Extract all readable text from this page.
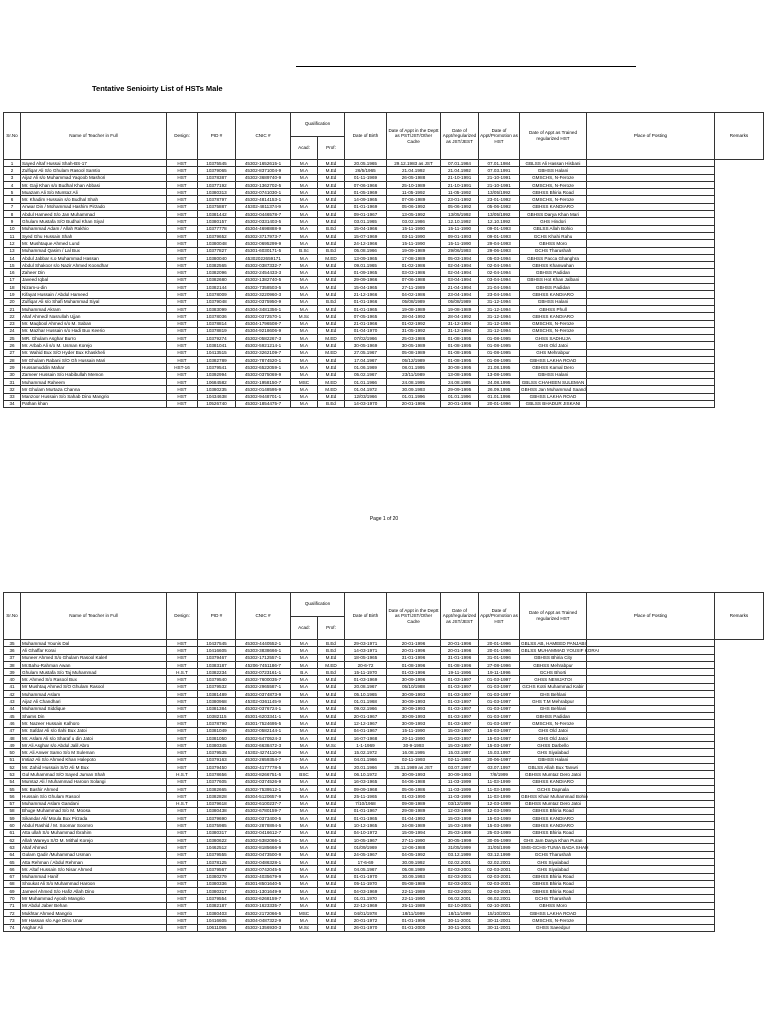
Tentative Senioirty List of HSTs Male
Sr.No	Name of Teacher in Full	Design:	PID #	CNIC #	Qualification		Date of Birth	Date of Appt in the Deptt as PST/JST/Other Cadre	Date of Appt/regularized as JST/JEST	Date of Appt/Promotion as HST	Date of Appt as Trained regularized HST	Place of Posting	Remarks
					Acad:	Prof:							
1	Sayed Altaf Hussai Shah-BS-17	HST	10375545	45302-1652615-1	M.A	M.Ed	20.05.1965	29.12.1983 as JST	07.01.1984	07.01.1984	GBLSS Ali Hassan Hisbani		
2	Zulfiqar Ali S/o Ghulam Rasool Samtio	HST	10379065	45302-8371004-9	M.A	M.Ed	26/5/1965	21.04.1992	21.04.1992	07.03.1991	GBHSS Halani		
3	Aijaz Ali s/o Muhammad Yaqoob Mashori	HST	10378387	45302-3689740-9	M.A	M.Ed	01-11-1969	26-05-1988	21-10-1991	21-10-1991	GMSCHS, N-Feroze		
4	Mr. Gaji Khan s/o Budhal Khan Abbasi	HST	10377192	45302-1362702-5	M.A	M.Ed	07-06-1966	25-10-1989	21-10-1991	21-10-1991	GMSCHS, N-Feroze		
5	Muazam Ali S/o Mumtaz Ali	HST	10380313	45302-0741030-1	M.A	M.Ed	01-05-1969	11-05-1992	11-05-1992	13/05/1992	GBHSS Bhiria Road		
6	Mr. Khadim Hussain s/o Budhal Shah	HST	10378797	45302-4814153-1	M.A	M.Ed	14-09-1965	07-06-1989	23-01-1992	23-01-1992	GMSCHS, N-Feroze		
7	Anwar Din / Mohammad Hashim Pirzado	HST	10375887	45302-4811374-9	M.A	M.Ed	01-01-1969	05-06-1992	05-06-1992	05-06-1992	GBHSS KANDIARO		
8	Abdul Hameed S/o Jan Muhammad	HST	10381442	45302-0446578-7	M.A	M.Ed	09-01-1967	13-05-1992	13/05/1992	13/05/1992	GBHSS Darya Khan Mari		
9	Ghulam Mustafa S/O Budhal Khan Siyal	HST	10380157	45302-0331403-5	M.A	M.Ed	03.01.1965	03.02.1986	12.10.1992	12.10.1992	GHS Hindori		
10	Muhammad Adam / Allah Rakhio	HST	10377778	45304-4698888-9	M.A	B.Ed	15-04-1966	15-11-1990	15-11-1990	09-01-1993	GBLSS Allah Bohio		
11	Syed Ghu Hussain Shah	HST	10379652	45302-3717973-7	M.A	M.Ed	15-07-1969	03-11-1990	09-01-1993	09-01-1993	GCHS Khahi Rahu		
12	Mr. Mushtaque Ahmed Lund	HST	10380048	45302-0695299-9	M.A	M.Ed	24-12-1966	15-11-1990	15-11-1990	29-04-1993	GBHSS Moro		
13	Muhammad Qasim / Lal Bux	HST	10377827	45301-6030171-5	B.Sc	B.Ed	05.08.1966	19-09-1989	29/06/1993	29-06-1993	GCHS Tharushah		
14	Abdul Jabbar s.o Muhammad Hassan	HST	10380040	45302022659171	M.A	M.ED	13-09-1965	17-08-1989	05-03-1994	05-03-1994	GBHSS Pacca Ghanghra		
15	Abdul Shakoor s/o Nazir Ahmed Koondhar	HST	10382565	45302-0387332-7	M.A	M.Ed	09.01.1965	01-02-1986	02-04-1994	02-04-1994	GBHSS Khanwahan		
16	Zaheer Din	HST	10382096	45302-2454433-3	M.A	M.Ed	01-09-1965	03-03-1986	02-04-1994	02-04-1994	GBHSS Padidan		
17	Javeed Iqbal	HST	10382680	45302-1382740-5	M.A	M.Ed	29-09-1966	07-06-1988	03-04-1994	03-04-1994	GBHSS Hot Khan Jalbani		
18	Nizam-u-din	HST	10382144	45302-7358503-5	M.A	M.Ed	15-04-1965	27-11-1989	21-04-1994	21-04-1994	GBHSS Padidan		
19	Kifayat Hussain / Abdul Hameed	HST	10378009	45302-3220960-3	M.A	M.Ed	21-12-1966	04-02-1986	23-04-1994	23-04-1994	GBHSS KANDIARO		
20	Zulfiqar Ali s/o Shafi Muhammad Siyal	HST	10379048	45302-0375950-9	M.A	B.Ed	01-01-1966	05/08/1989	05/08/1989	31-12-1994	GBHSS Halani		
21	Muhammad Akram	HST	10383099	45304-3481356-1	M.A	M.Ed	01-01-1965	19-08-1989	19-08-1989	31-12-1994	GBHSS Phull		
22	Altaf Ahmed/ Nasrullah Ujjan	HST	10378036	45302-0372570-1	M.Sc	M.Ed	07-05-1965	28-04-1992	28-04-1992	31-12-1994	GBHSS KANDIARO		
23	Mr. Maqbool Ahmed s/o M. Saban	HST	10378814	45304-1796508-7	M.A	M.Ed	21-01-1966	01-02-1992	31-12-1994	31-12-1994	GMSCHS, N-Feroze		
24	Mr. Mazhar Hussain s/o Hadi Bux Keerio	HST	10378819	45304-9218606-9	M.A	M.Ed	01-04-1970	31-05-1992	31-12-1994	31-12-1994	GMSCHS, N-Feroze		
25	MR. Ghulam Asghar Burro	HST	10379274	45302-0582267-3	M.A	M.ED	07/02/1966	25-03-1986	01-08-1995	01-08-1995	GHSS SADHUJA		
26	Mr. Arbab Ali s/o M. Usman Korejo	HST	10381041	45302-5921214-1	M.A	M.Ed	30-05-1969	30-05-1989	01-08-1995	01-08-1995	GHS Old Jatoi		
27	Mr. Wahid Bux S/O Hyder Bux Khaskheli	HST	10413515	45302-3262109-7	M.A	M.ED	27.05.1967	05-08-1989	01-08-1995	01-08-1995	GHS Mehrabpur		
28	Mr Ghulam Rabani S/O Gh Hussain Mari	HST	10382789	45302-7874520-1	M.A	M.Ed	17.04.1967	05/12/1989	01-08-1995	01-08-1995	GBHSS LAKHA ROAD		
29	Hussamuddin Mahar	HST-16	10379541	45302-6522059-1	M.A	M.Ed	01.06.1969	08.01.1995	30-08-1995	21.08.1995	GBHSS Kamal Dero		
30	Zameer Hussain S/o Habibullah Memon	HST	10392994	45302-0375069-9	M.A	M.Ed	05.02.1967	23/11/1989	13-08-1995	13-08-1995	GBHSS Halani		
31	Muhammad Raheem	HST	10684582	45302-1958150-7	MSC	M.ED	01.01.1966	24.08.1995	24.08.1995	24.08.1995	GBLSS CHAHEEN SULEMAN		
32	Mr Ghulam Murtaza Channa	HST	10380235	45302-0148595-9	M.A	M.ED	01.04.1972	30.09.1993	29-09-1995	26.09.1995	GBHSS Jan Muhammad Saand		
33	Manzoor Hussain S/o Sahab Dino Mangrio	HST	10434638	45302-9448701-1	M.A	M.Ed	12/03/1966	01.01.1996	01.01.1996	01.01.1996	GBHSS LAKHA ROAD		
34	Pathan khan	HST	10526740	45302-1854475-7	M.A	B.Ed	14-03-1970	20-01-1996	20-01-1996	20-01-1996	GBLSS BHADUR JISKANI		
Page 1 of 20
Sr.No	Name of Teacher in Full	Design:	PID #	CNIC #	Qualification		Date of Birth	Date of Appt in the Deptt as PST/JST/Other Cadre	Date of Appt/regularized as JST/JEST	Date of Appt/Promotion as HST	Date of Appt as Trained regularized HST	Place of Posting	Remarks
					Acad:	Prof:							
35	Muhammad Younis Dal	HST	10437545	45303-4440552-1	M.A	B.Ed	29-03-1971	20-01-1996	20-01-1996	20-01-1996	GBLSS AB, HAMEED PANJABI		
36	Ali Ghaffar Korai	HST	10416605	45303-3838666-1	M.A	B.Ed	14-03-1971	20-01-1996	20-01-1996	20-01-1996	GBLSS MUHAMMAD YOUSIF KORAI		
37	Muneer Ahmed S/o Ghulam Rasool Kalerl	HST	10379467	45302-1712557-1	M.A	M.Ed	18-05-1965	31-01-1996	31-01-1996	31-01-1996	GBHSS Bhiria City		
38	Mr.Bahu-Rahman Awan	HST	10383187	45206-7451186-7	M.A	M.ED	20-6-72	01-08-1996	01-08-1996	27-08-1996	GBHSS Mehrabpur		
39	Ghulam Mustafa S/o Taj Muhammad	H.S.T	10382234	45302-0723161-1	B.A	B.Ed	15-11-1970	01-03-1996	19-11-1996	19-11-1996	GCHS Bhorti		
40	Mr. Ahmed S/o Rasool Bux	HST	10379540	45302-7600035-7	M.A	M.Ed	01-03-1969	30-09-1996	01-03-1997	01-03-1997	GHSS NEWJATOI		
41	Mr Mushtaq Ahmed S/O Ghulam Rasool	HST	10379532	45302-2965587-1	M.A	M.Ed	20.08.1967	05/10/1988	01-03-1997	01-03-1997	GCHS Kotri Muhammad Kabir		
42	Muhammad Aslam	HST	10381489	45302-0374873-9	M.A	M.Ed	05.10.1965	30-09-1993	01-03-1997	01-03-1997	GHS Behlani		
43	Aijaz Ali Chandhari	HST	10380968	45302-0361145-9	M.A	M.Ed	01.01.1968	30-09-1993	01-03-1997	01-03-1997	GHS T.M Mehrabpur		
44	Muhammad Siddique	HST	10381384	45302-0376724-1	M.A	M.Ed	09.02.1966	30-09-1993	01-03-1997	01-03-1997	GHS Behlani		
45	Shams Din	HST	10382115	45301-6203341-1	M.A	M.Ed	20-01-1967	30-09-1993	01-03-1997	01-03-1997	GBHSS Padidan		
46	Mr. Nazeer Hussain Kalhoro	HST	10378790	45301-7524695-5	M.A	M.Ed	12-12-1967	30-09-1993	01-03-1997	01-03-1997	GMSCHS, N-Feroze		
47	Mr. Safdar Ali s/o Ilahi Bux Jatoi	HST	10381049	45302-0582144-1	M.A	M.Ed	04-01-1967	15-11-1990	15-03-1997	15-03-1997	GHS Old Jatoi		
48	Mr. Aslam Ali s/o Sharaf u din Jatoi	HST	10381050	45302-5470524-3	M.A	M.Ed	16-07-1968	20-11-1990	15-03-1997	15-03-1997	GHS Old Jatoi		
49	Mr Ali Asghar s/o Abdul Jalil Abro	HST	10380345	45302-6638472-3	M.A	M.Sc	1-1-1969	30-9-1993	15-03-1997	15-03-1997	GHSS Darbello		
50	Mr. Ali Anwer Samo S/o M Suleman	HST	10379535	45302-4274110-9	M.A	M.Ed	15.02.1972	16.08.1995	15.03.1997	15.03.1997	GHS Siyalabad		
51	Imtiaz Ali S/o Ahmed Khan Halepoto	HST	10379163	45302-2659354-7	M.A	M.Ed	04.01.1966	02-11-1993	02-11-1993	20-06-1997	GBHSS Halani		
52	Mr. Zahid Hussain S/O Ali M Bux	HST	10379450	45302-4177778-5	M.A	M.Ed	20.01.1966	25.11.1989 as JST	03.07.1997	03.07.1997	GBLSS Allah Bux Tanwri		
53	Gul Muhammad S/O Sayed Juman Shah	H.S.T	10378656	45302-8266751-5	BSC	M.Ed	06.10.1972	30-09-1993	30-09-1993	7/8/1999	GBHSS Mumtaz Dero Jatoi		
54	Mumtaz Ali / Muhammad Haroon Solangi	HST	10377605	45302-0374526-9	M.A	M.Ed	16-03-1965	04-06-1988	11-03-1999	11-03-1999	GBHSS KANDIARO		
55	Mr. Bashir Ahmed	HST	10382665	45302-7539512-1	M.A	M.Ed	09-09-1968	05-06-1986	11-03-1999	11-03-1999	GCHS Dapnala		
56	Hussain S/o Ghulam Rasool	HST	10382828	45304-5120657-9	M.A	M.Ed	25-11-1965	01-03-1990	11-03-1999	11-03-1999	GBHSS Khair Muhammad Bohio		
57	Muhammad Aslam Gandani	H.S.T	10379618	45302-6100237-7	M.A	M.Ed	7/10/1968	09-08-1989	03/12/1999	12-03-1999	GBHSS Mumtaz Dero Jatoi		
58	Bhuge Muhammad S/o M. Moosa	HST	10380438	45302-6780159-7	M.A	M.Ed	01-01-1967	29-08-1989	12-03-1999	12-03-1999	GBHSS Bhiria Road		
59	Sikandar Ali/ Moula Bux Pirzada	HST	10379690	45302-0373400-5	M.A	M.Ed	01-01-1965	01-04-1992	15-03-1999	15-03-1999	GBHSS KANDIARO		
60	Abdul Rashid / M. Soomar Soomro	HST	10375985	45302-2878894-5	M.A	M.Ed	10-12-1965	24-08-1989	15-03-1999	15-03-1999	GBHSS KANDIARO		
61	Atta ullah S/o Muhammad Ibrahim	HST	10380317	45302-0416612-7	M.A	M.Ed	04-10-1972	15-09-1994	25-03-1999	25-03-1999	GBHSS Bhiria Road		
62	Allah Wareyo S/O M. Mithal Korejo	HST	10380622	45302-5382066-1	M.A	M.Ed	10-05-1967	27-11-1990	30-05-1999	30-05-1999	GHS Jam Darya Khan Puran		
63	Altaf Ahmed	HST	10462512	45302-8185666-9	M.A	M.Ed	01/09/1969	12-06-1988	31/05/1999	31/05/1999	SMS-GCHS-TUNIA BADA SHAH		
64	Gulam Qadir /Muhammad Usman	HST	10379555	45302-0473500-9	M.A	M.Ed	24-05-1967	04-05-1992	03.12.1999	03.12.1999	GCHS Tharushah		
65	Atta Rehman / Abdul Rehman	HST	10378125	45302-0486328-1	M.A	M.Ed	17-6-69	30.09.1992	02.02.2001	02.02.2001	GHS Siyalabad		
66	Mr. Altaf Hussain S/o Nisar Ahmed	HST	10379567	45302-0742045-5	M.A	M.Ed	04.05.1967	05.08.1989	02-03-2001	02-03-2001	GHS Siyalabad		
67	Muhammad Hanif	HST	10380279	45302-4035679-9	M.A	M.Ed	01-01-1970	30.09.1993	02-03-2001	02-03-2001	GBHSS Bhiria Road		
68	Shoukat Ali S/o Muhammad Haroon	HST	10380336	45301-8501640-5	M.A	M.Ed	05-11-1970	05-08-1989	02-03-2001	02-03-2001	GBHSS Bhiria Road		
69	Jameel Ahmed S/o Hafiz Allah Dino	HST	10380317	45301-1301649-9	M.A	M.Ed	04-03-1969	22-11-1989	02-03-2001	02-03-2001	GBHSS Bhiria Road		
70	Mr Muhammad Ayoob Mangrio	HST	10379554	45302-6268159-7	M.A	M.Ed	01.01.1970	22-11-1990	06.02.2001	06.02.2001	GCHS Tharushah		
71	Mr Abdul Jaber Behan	HST	10382187	45303-1623335-7	M.A	M.Ed	22-12-1969	25-11-1989	02-10-2001	02-10-2001	GBHSS Moro		
72	Mukhtar Ahmed Mangrio	HST	10380403	45302-2172066-5	MSC	M.Ed	04/01/1978	18/11/1999	18/11/1999	15/10/2001	GBHSS LAKHA ROAD		
73	Mr Hassan s/o Age Dino Unar	HST	10416605	45304-0487322-9	M.A	M.Ed	20-01-1972	01-01-1996	30-11-2001	30-11-2001	GMSCHS, N-Feroze		
74	Asghar Ali	HST	10611095	45302-1356930-3	M.Sc	M.Ed	26-01-1970	01-01-2000	30-11-2001	30-11-2001	GHSS Saeedpur		
